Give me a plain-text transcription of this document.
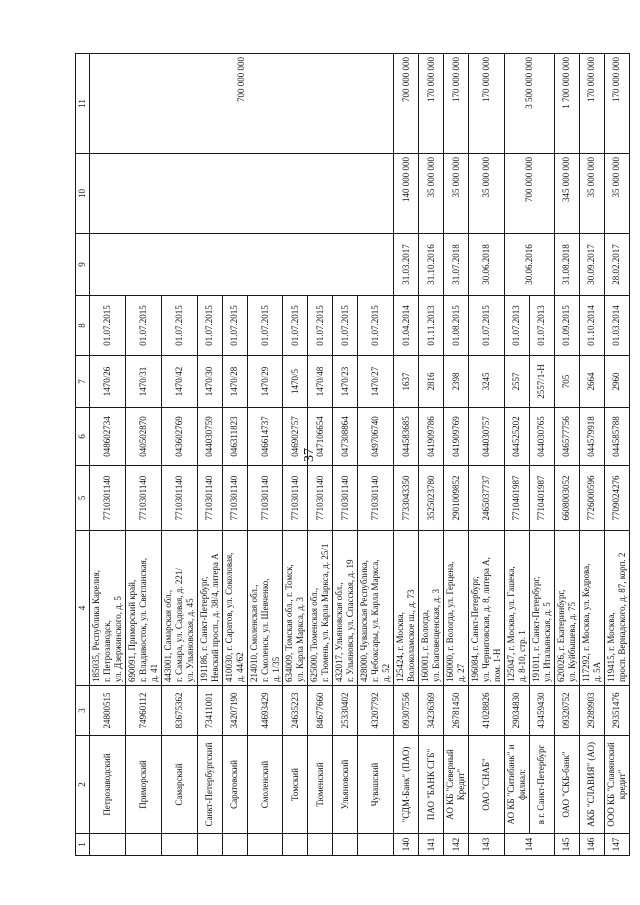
37
1	2	3	4	5	6	7	8	9	10	11
	Петрозаводский	24800515	185035, Республика Карелия, г. Петрозаводск, ул. Дзержинского, д. 5	7710301140	048602734	1470/26	01.07.2015			700 000 000
	Приморский	74960112	690091, Приморский край, г. Владивосток, ул. Светланская, д. 41	7710301140	040502870	1470/31	01.07.2015			
	Самарский	83675362	443001, Самарская обл., г. Самара, ул. Садовая, д. 221/ ул. Ульяновская, д. 45	7710301140	043602769	1470/42	01.07.2015			
	Санкт-Петербургский	73411001	191186, г. Санкт-Петербург, Невский просп., д. 38/4, литера А	7710301140	044030759	1470/30	01.07.2015			
	Саратовский	34207190	410030, г. Саратов, ул. Соколовая, д. 44/62	7710301140	046311823	1470/28	01.07.2015			
	Смоленский	44693429	214010, Смоленская обл., г. Смоленск, ул. Шевченко, д. 1/35	7710301140	046614737	1470/29	01.07.2015			
	Томский	24635223	634009, Томская обл., г. Томск, ул. Карла Маркса, д. 3	7710301140	046902757	1470/5	01.07.2015			
	Тюменский	84677660	625000, Тюменская обл., г. Тюмень, ул. Карла Маркса, д. 25/1	7710301140	047106654	1470/48	01.07.2015			
	Ульяновский	25330402	432017, Ульяновская обл., г. Ульяновск, ул. Спасская, д. 19	7710301140	047308864	1470/23	01.07.2015			
	Чувашский	43207792	428000, Чувашская Республика, г. Чебоксары, ул. Карла Маркса, д. 52	7710301140	049706740	1470/27	01.07.2015			
140	"СДМ-Банк" (ПАО)	09307556	125424, г. Москва, Волоколамское ш., д. 73	7733043350	044583685	1637	01.04.2014	31.03.2017	140 000 000	700 000 000
141	ПАО "БАНК СГБ"	34236369	160001, г. Вологда, ул. Благовещенская, д. 3	3525023780	041909786	2816	01.11.2013	31.10.2016	35 000 000	170 000 000
142	АО КБ "Северный Кредит"	26781450	160000, г. Вологда, ул. Герцена, д. 27	2901009852	041909769	2398	01.08.2015	31.07.2018	35 000 000	170 000 000
143	ОАО "СНАБ"	41028826	196084, г. Санкт-Петербург, ул. Черниговская, д. 8, литера А, пом. 1-Н	2465037737	044030757	3245	01.07.2015	30.06.2018	35 000 000	170 000 000
144	АО КБ "Ситибанк" и филиал:	29034830	125047, г. Москва, ул. Гашека, д. 8-10, стр. 1	7710401987	044525202	2557	01.07.2013	30.06.2016	700 000 000	3 500 000 000
	в г. Санкт-Петербург	43459430	191011, г. Санкт-Петербург, ул. Итальянская, д. 5	7710401987	044030765	2557/1-Н	01.07.2013			
145	ОАО "СКБ-банк"	09320752	620026, г. Екатеринбург, ул. Куйбышева, д. 75	6608003052	046577756	705	01.09.2015	31.08.2018	345 000 000	1 700 000 000
146	АКБ "СЛАВИЯ" (АО)	29289903	117292, г. Москва, ул. Кедрова, д. 5А	7726000596	044579918	2664	01.10.2014	30.09.2017	35 000 000	170 000 000
147	ООО КБ "Славянский кредит"	29351476	119415, г. Москва, просп. Вернадского, д. 87, корп. 2	7709024276	044585788	2960	01.03.2014	28.02.2017	35 000 000	170 000 000
